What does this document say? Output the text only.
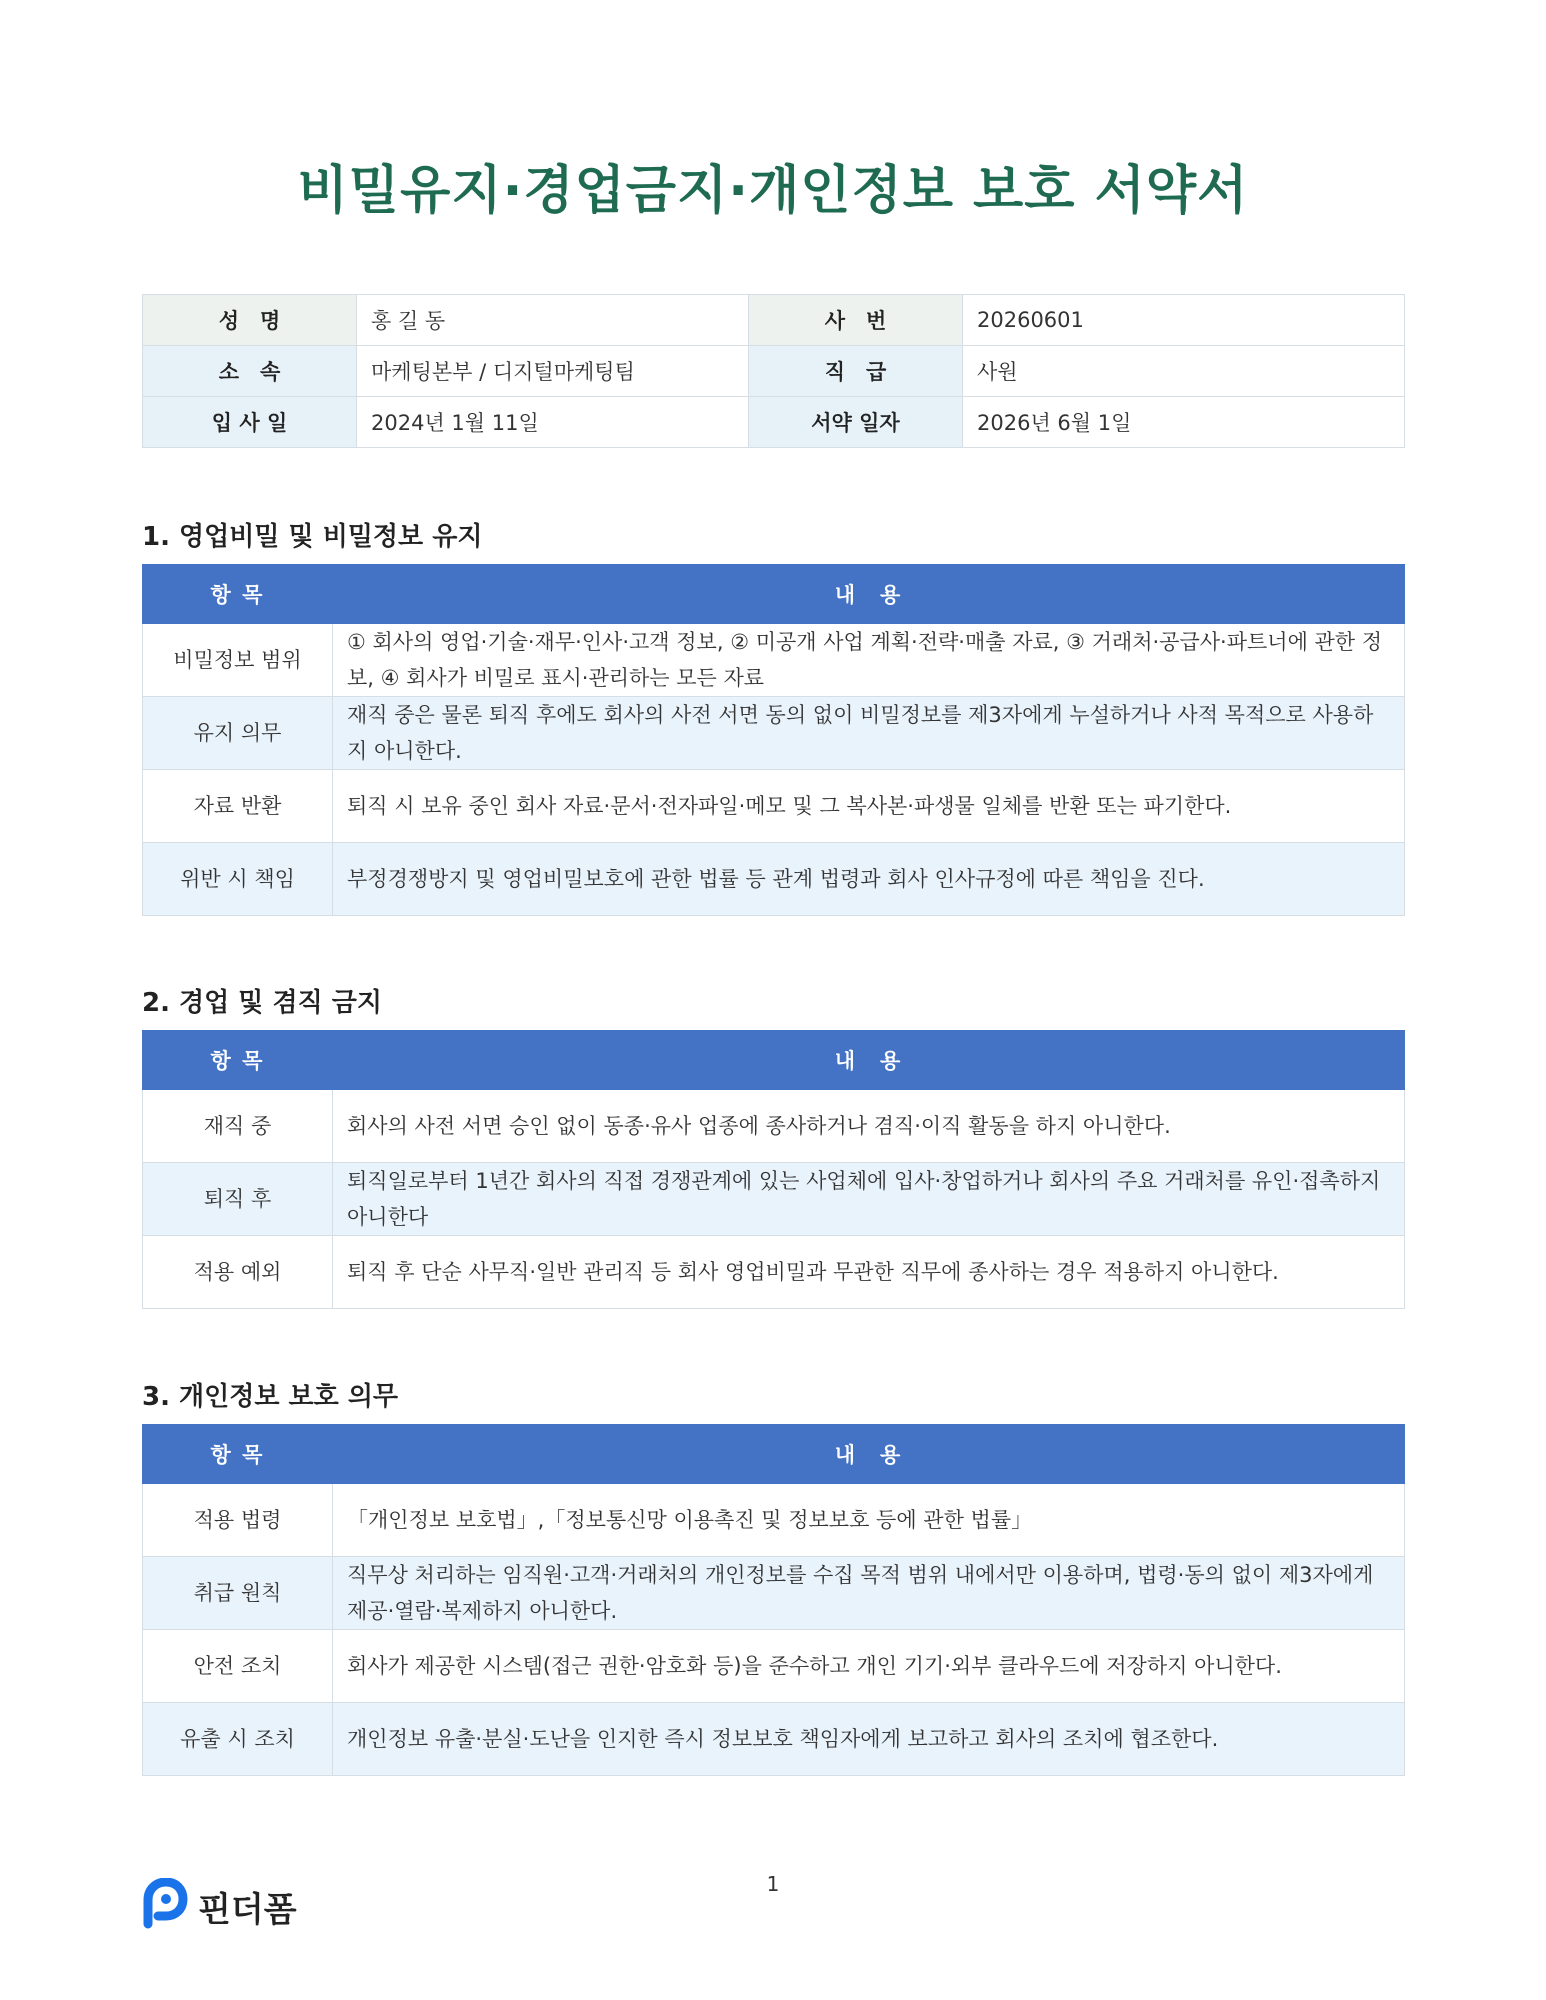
비밀유지·경업금지·개인정보 보호 서약서
성　명	홍 길 동	사　번	20260601
소　속	마케팅본부 / 디지털마케팅팀	직　급	사원
입 사 일	2024년 1월 11일	서약 일자	2026년 6월 1일
1. 영업비밀 및 비밀정보 유지
항 목	내　용
비밀정보 범위	① 회사의 영업·기술·재무·인사·고객 정보, ② 미공개 사업 계획·전략·매출 자료, ③ 거래처·공급사·파트너에 관한 정보, ④ 회사가 비밀로 표시·관리하는 모든 자료
유지 의무	재직 중은 물론 퇴직 후에도 회사의 사전 서면 동의 없이 비밀정보를 제3자에게 누설하거나 사적 목적으로 사용하지 아니한다.
자료 반환	퇴직 시 보유 중인 회사 자료·문서·전자파일·메모 및 그 복사본·파생물 일체를 반환 또는 파기한다.
위반 시 책임	부정경쟁방지 및 영업비밀보호에 관한 법률 등 관계 법령과 회사 인사규정에 따른 책임을 진다.
2. 경업 및 겸직 금지
항 목	내　용
재직 중	회사의 사전 서면 승인 없이 동종·유사 업종에 종사하거나 겸직·이직 활동을 하지 아니한다.
퇴직 후	퇴직일로부터 1년간 회사의 직접 경쟁관계에 있는 사업체에 입사·창업하거나 회사의 주요 거래처를 유인·접촉하지 아니한다
적용 예외	퇴직 후 단순 사무직·일반 관리직 등 회사 영업비밀과 무관한 직무에 종사하는 경우 적용하지 아니한다.
3. 개인정보 보호 의무
항 목	내　용
적용 법령	「개인정보 보호법」,「정보통신망 이용촉진 및 정보보호 등에 관한 법률」
취급 원칙	직무상 처리하는 임직원·고객·거래처의 개인정보를 수집 목적 범위 내에서만 이용하며, 법령·동의 없이 제3자에게 제공·열람·복제하지 아니한다.
안전 조치	회사가 제공한 시스템(접근 권한·암호화 등)을 준수하고 개인 기기·외부 클라우드에 저장하지 아니한다.
유출 시 조치	개인정보 유출·분실·도난을 인지한 즉시 정보보호 책임자에게 보고하고 회사의 조치에 협조한다.
핀더폼
1
